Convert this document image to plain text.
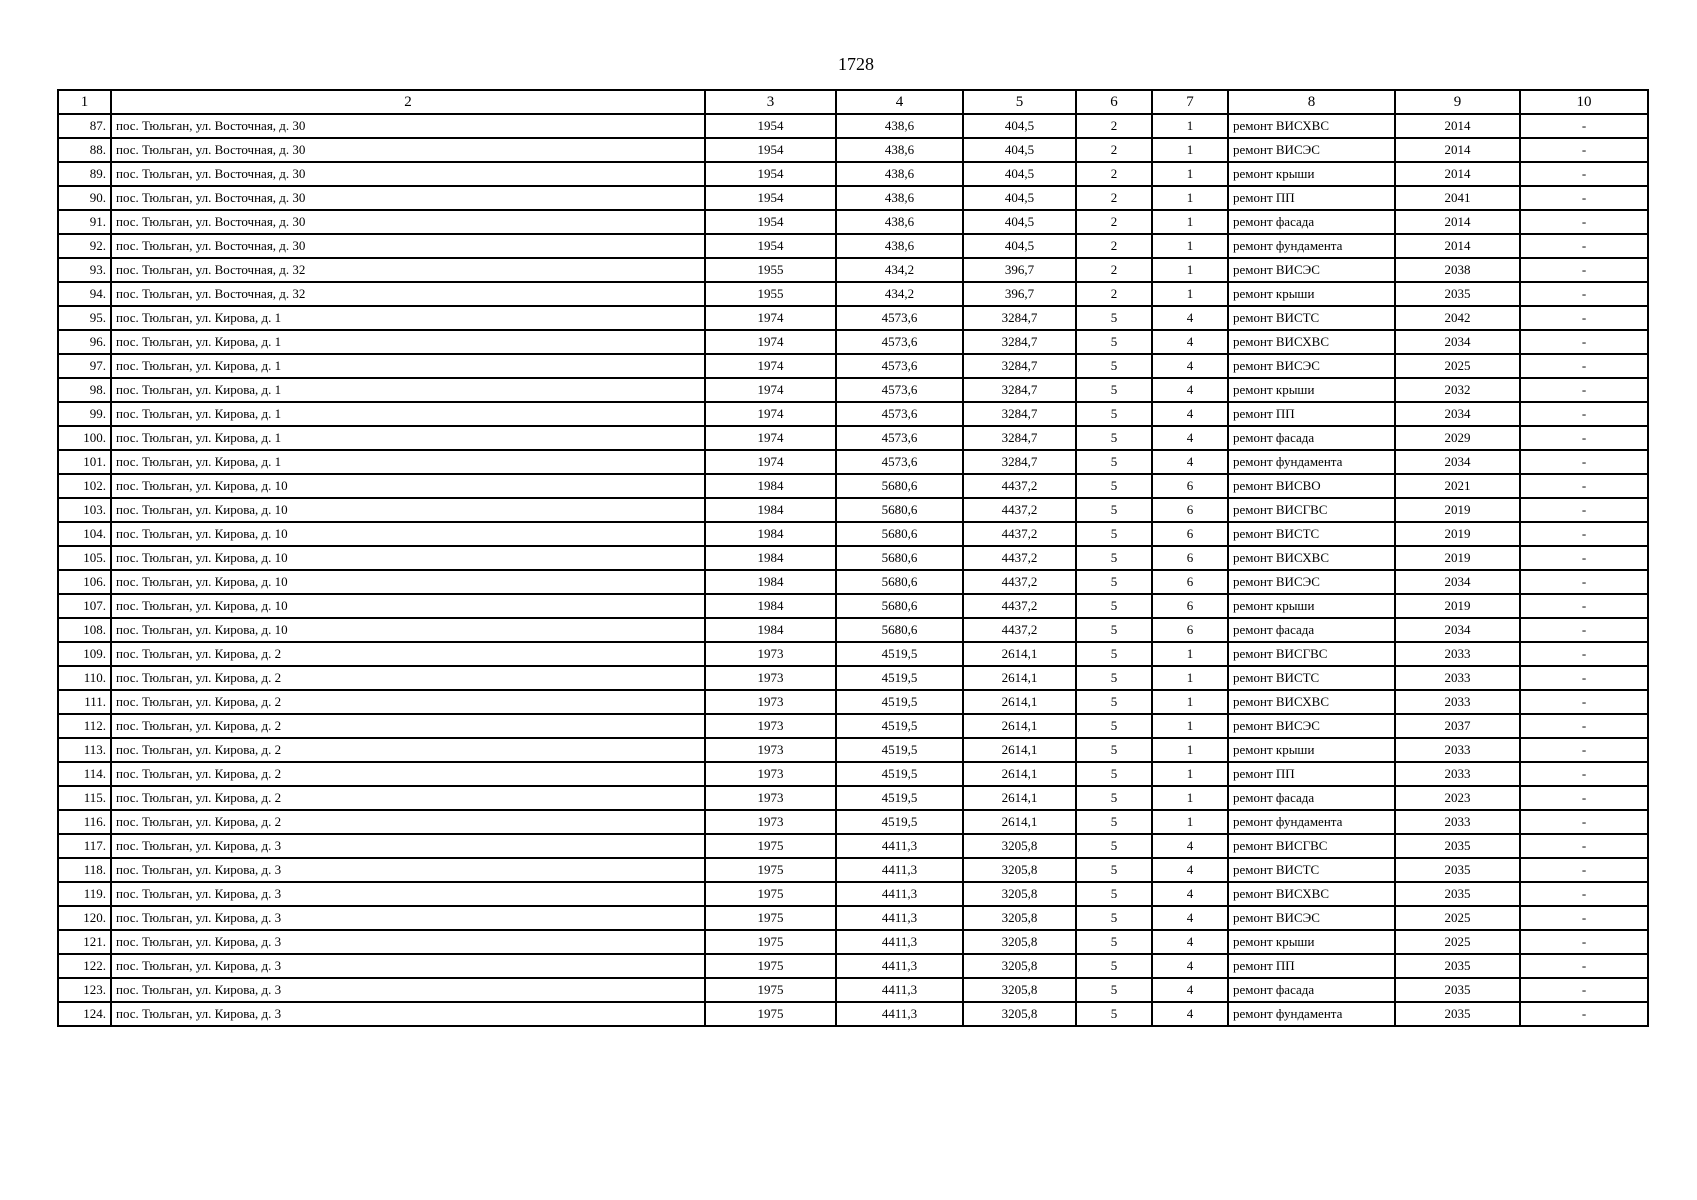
1728
1	2	3	4	5	6	7	8	9	10
87.	пос. Тюльган, ул. Восточная, д. 30	1954	438,6	404,5	2	1	ремонт ВИСХВС	2014	-
88.	пос. Тюльган, ул. Восточная, д. 30	1954	438,6	404,5	2	1	ремонт ВИСЭС	2014	-
89.	пос. Тюльган, ул. Восточная, д. 30	1954	438,6	404,5	2	1	ремонт крыши	2014	-
90.	пос. Тюльган, ул. Восточная, д. 30	1954	438,6	404,5	2	1	ремонт ПП	2041	-
91.	пос. Тюльган, ул. Восточная, д. 30	1954	438,6	404,5	2	1	ремонт фасада	2014	-
92.	пос. Тюльган, ул. Восточная, д. 30	1954	438,6	404,5	2	1	ремонт фундамента	2014	-
93.	пос. Тюльган, ул. Восточная, д. 32	1955	434,2	396,7	2	1	ремонт ВИСЭС	2038	-
94.	пос. Тюльган, ул. Восточная, д. 32	1955	434,2	396,7	2	1	ремонт крыши	2035	-
95.	пос. Тюльган, ул. Кирова, д. 1	1974	4573,6	3284,7	5	4	ремонт ВИСТС	2042	-
96.	пос. Тюльган, ул. Кирова, д. 1	1974	4573,6	3284,7	5	4	ремонт ВИСХВС	2034	-
97.	пос. Тюльган, ул. Кирова, д. 1	1974	4573,6	3284,7	5	4	ремонт ВИСЭС	2025	-
98.	пос. Тюльган, ул. Кирова, д. 1	1974	4573,6	3284,7	5	4	ремонт крыши	2032	-
99.	пос. Тюльган, ул. Кирова, д. 1	1974	4573,6	3284,7	5	4	ремонт ПП	2034	-
100.	пос. Тюльган, ул. Кирова, д. 1	1974	4573,6	3284,7	5	4	ремонт фасада	2029	-
101.	пос. Тюльган, ул. Кирова, д. 1	1974	4573,6	3284,7	5	4	ремонт фундамента	2034	-
102.	пос. Тюльган, ул. Кирова, д. 10	1984	5680,6	4437,2	5	6	ремонт ВИСВО	2021	-
103.	пос. Тюльган, ул. Кирова, д. 10	1984	5680,6	4437,2	5	6	ремонт ВИСГВС	2019	-
104.	пос. Тюльган, ул. Кирова, д. 10	1984	5680,6	4437,2	5	6	ремонт ВИСТС	2019	-
105.	пос. Тюльган, ул. Кирова, д. 10	1984	5680,6	4437,2	5	6	ремонт ВИСХВС	2019	-
106.	пос. Тюльган, ул. Кирова, д. 10	1984	5680,6	4437,2	5	6	ремонт ВИСЭС	2034	-
107.	пос. Тюльган, ул. Кирова, д. 10	1984	5680,6	4437,2	5	6	ремонт крыши	2019	-
108.	пос. Тюльган, ул. Кирова, д. 10	1984	5680,6	4437,2	5	6	ремонт фасада	2034	-
109.	пос. Тюльган, ул. Кирова, д. 2	1973	4519,5	2614,1	5	1	ремонт ВИСГВС	2033	-
110.	пос. Тюльган, ул. Кирова, д. 2	1973	4519,5	2614,1	5	1	ремонт ВИСТС	2033	-
111.	пос. Тюльган, ул. Кирова, д. 2	1973	4519,5	2614,1	5	1	ремонт ВИСХВС	2033	-
112.	пос. Тюльган, ул. Кирова, д. 2	1973	4519,5	2614,1	5	1	ремонт ВИСЭС	2037	-
113.	пос. Тюльган, ул. Кирова, д. 2	1973	4519,5	2614,1	5	1	ремонт крыши	2033	-
114.	пос. Тюльган, ул. Кирова, д. 2	1973	4519,5	2614,1	5	1	ремонт ПП	2033	-
115.	пос. Тюльган, ул. Кирова, д. 2	1973	4519,5	2614,1	5	1	ремонт фасада	2023	-
116.	пос. Тюльган, ул. Кирова, д. 2	1973	4519,5	2614,1	5	1	ремонт фундамента	2033	-
117.	пос. Тюльган, ул. Кирова, д. 3	1975	4411,3	3205,8	5	4	ремонт ВИСГВС	2035	-
118.	пос. Тюльган, ул. Кирова, д. 3	1975	4411,3	3205,8	5	4	ремонт ВИСТС	2035	-
119.	пос. Тюльган, ул. Кирова, д. 3	1975	4411,3	3205,8	5	4	ремонт ВИСХВС	2035	-
120.	пос. Тюльган, ул. Кирова, д. 3	1975	4411,3	3205,8	5	4	ремонт ВИСЭС	2025	-
121.	пос. Тюльган, ул. Кирова, д. 3	1975	4411,3	3205,8	5	4	ремонт крыши	2025	-
122.	пос. Тюльган, ул. Кирова, д. 3	1975	4411,3	3205,8	5	4	ремонт ПП	2035	-
123.	пос. Тюльган, ул. Кирова, д. 3	1975	4411,3	3205,8	5	4	ремонт фасада	2035	-
124.	пос. Тюльган, ул. Кирова, д. 3	1975	4411,3	3205,8	5	4	ремонт фундамента	2035	-
